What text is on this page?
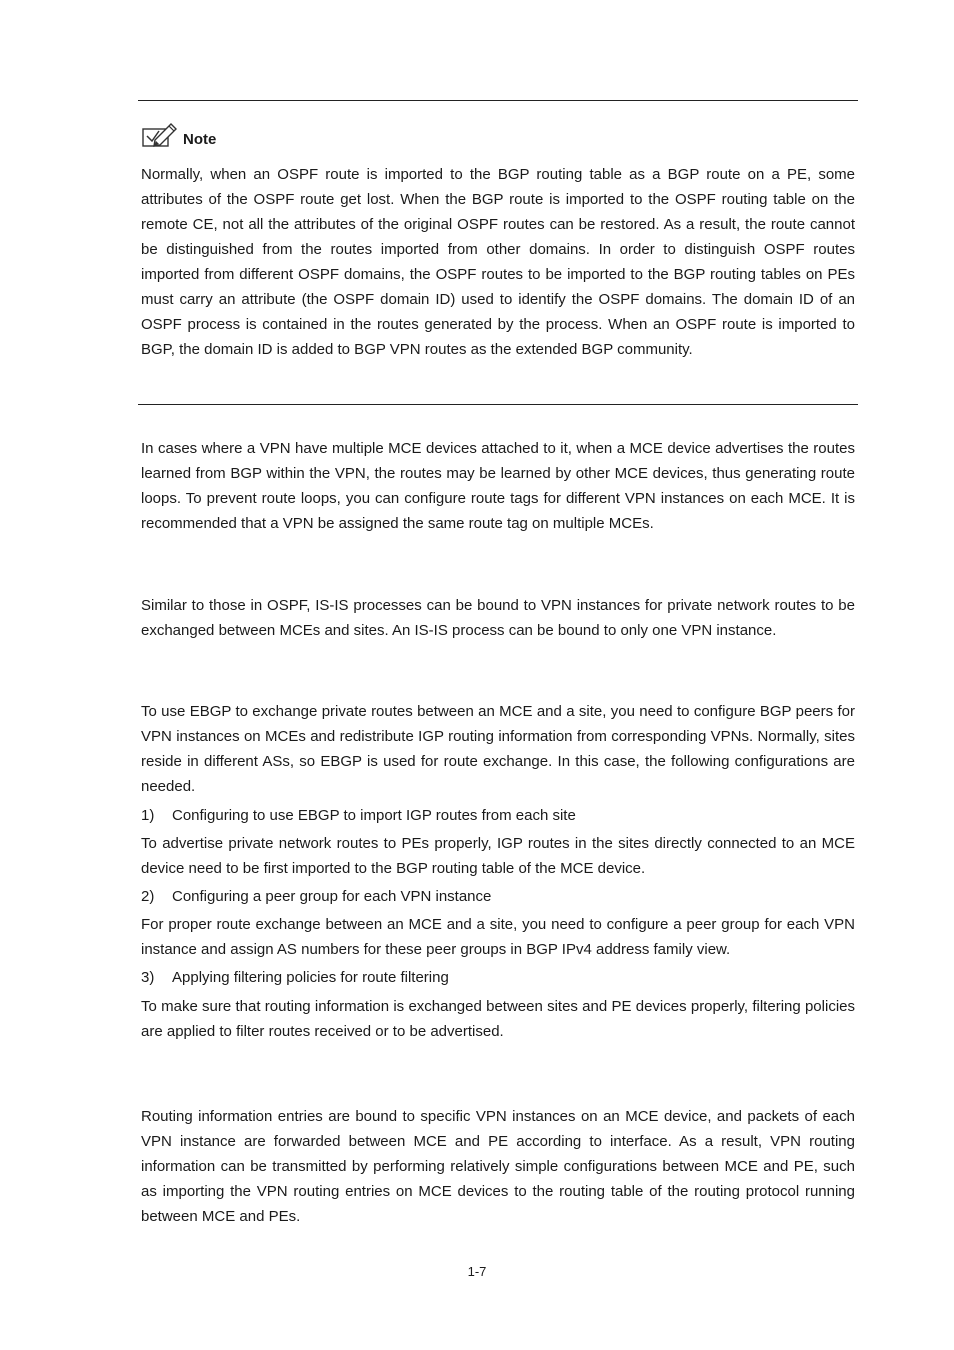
Note

Normally, when an OSPF route is imported to the BGP routing table as a BGP route on a PE, some attributes of the OSPF route get lost. When the BGP route is imported to the OSPF routing table on the remote CE, not all the attributes of the original OSPF routes can be restored. As a result, the route cannot be distinguished from the routes imported from other domains. In order to distinguish OSPF routes imported from different OSPF domains, the OSPF routes to be imported to the BGP routing tables on PEs must carry an attribute (the OSPF domain ID) used to identify the OSPF domains. The domain ID of an OSPF process is contained in the routes generated by the process. When an OSPF route is imported to BGP, the domain ID is added to BGP VPN routes as the extended BGP community.

In cases where a VPN have multiple MCE devices attached to it, when a MCE device advertises the routes learned from BGP within the VPN, the routes may be learned by other MCE devices, thus generating route loops. To prevent route loops, you can configure route tags for different VPN instances on each MCE. It is recommended that a VPN be assigned the same route tag on multiple MCEs.

Similar to those in OSPF, IS-IS processes can be bound to VPN instances for private network routes to be exchanged between MCEs and sites. An IS-IS process can be bound to only one VPN instance.

To use EBGP to exchange private routes between an MCE and a site, you need to configure BGP peers for VPN instances on MCEs and redistribute IGP routing information from corresponding VPNs. Normally, sites reside in different ASs, so EBGP is used for route exchange. In this case, the following configurations are needed.

1) Configuring to use EBGP to import IGP routes from each site

To advertise private network routes to PEs properly, IGP routes in the sites directly connected to an MCE device need to be first imported to the BGP routing table of the MCE device.

2) Configuring a peer group for each VPN instance

For proper route exchange between an MCE and a site, you need to configure a peer group for each VPN instance and assign AS numbers for these peer groups in BGP IPv4 address family view.

3) Applying filtering policies for route filtering

To make sure that routing information is exchanged between sites and PE devices properly, filtering policies are applied to filter routes received or to be advertised.

Routing information entries are bound to specific VPN instances on an MCE device, and packets of each VPN instance are forwarded between MCE and PE according to interface. As a result, VPN routing information can be transmitted by performing relatively simple configurations between MCE and PE, such as importing the VPN routing entries on MCE devices to the routing table of the routing protocol running between MCE and PEs.

1-7
